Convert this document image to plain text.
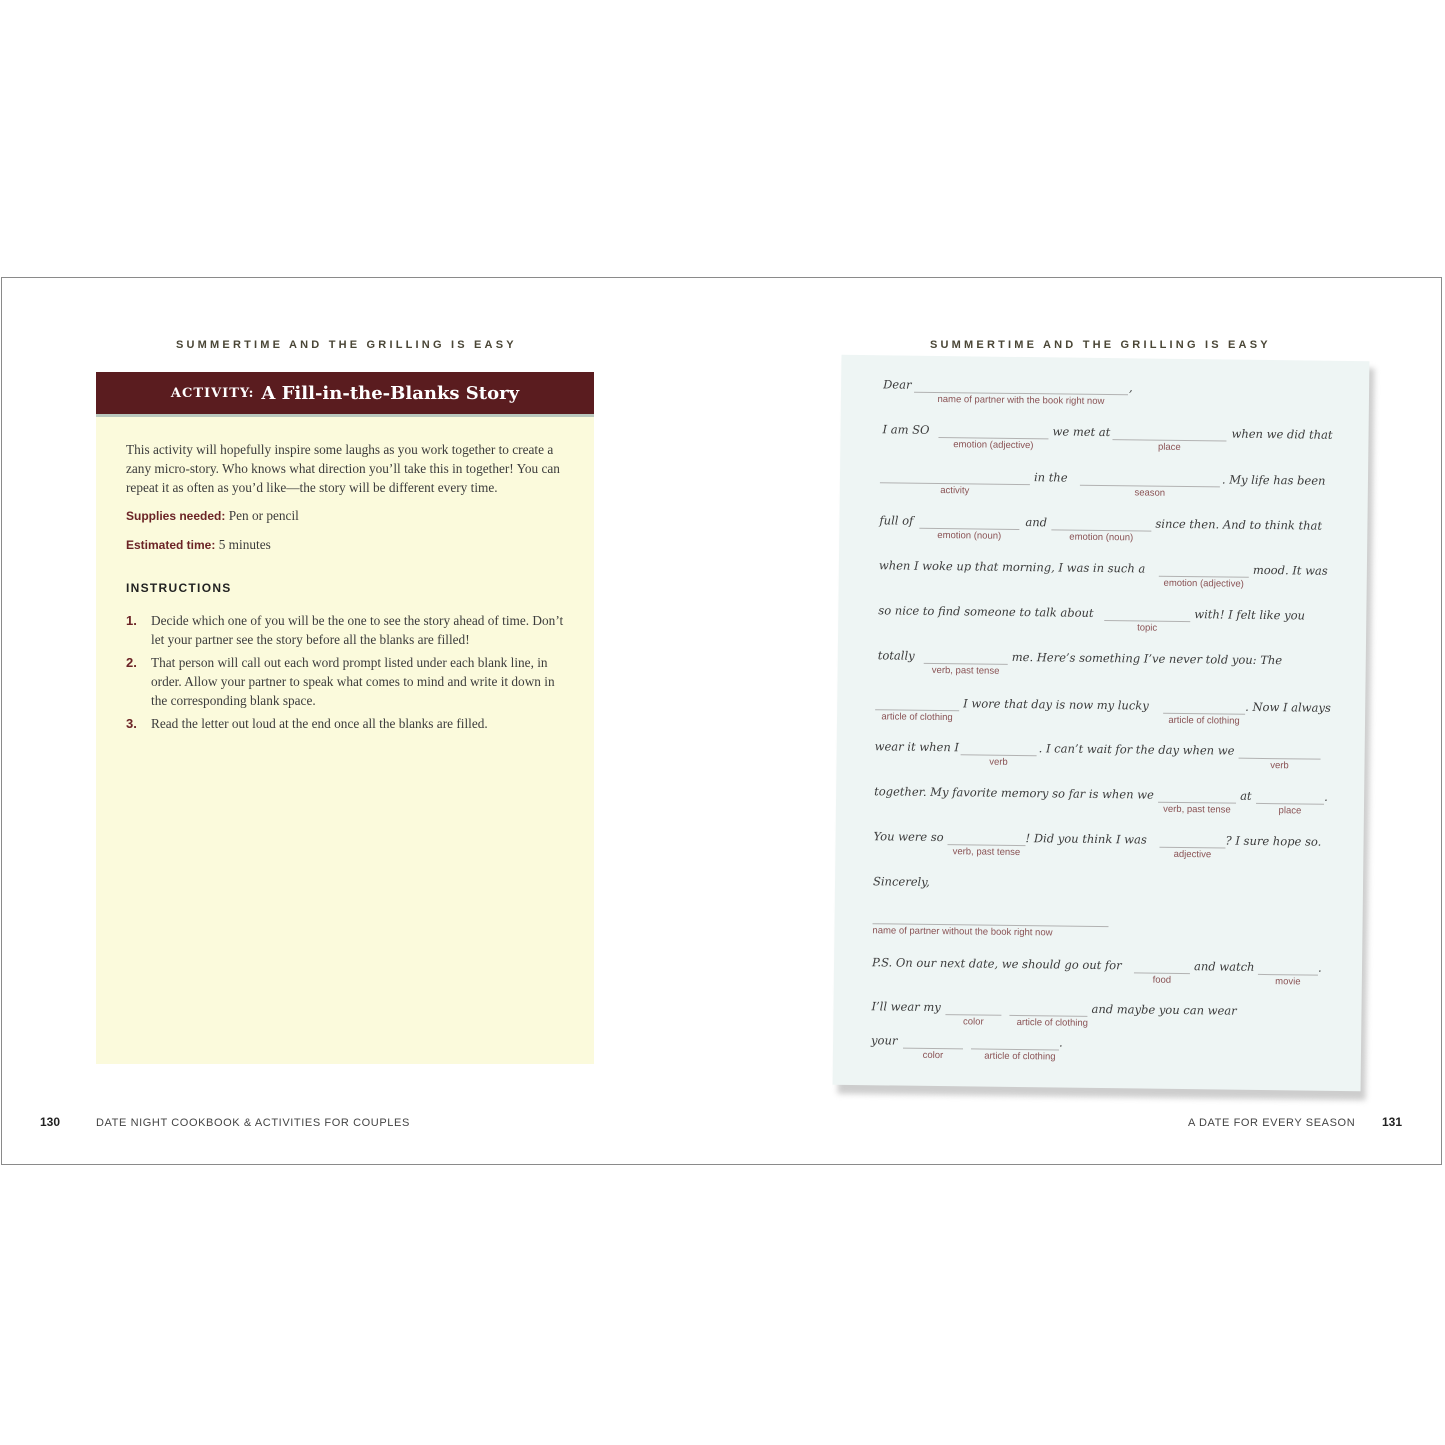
SUMMERTIME AND THE GRILLING IS EASY	SUMMERTIME AND THE GRILLING IS EASY
ACTIVITY: A Fill-in-the-Blanks Story

This activity will hopefully inspire some laughs as you work together to create a zany micro-story. Who knows what direction you’ll take this in together! You can repeat it as often as you’d like—the story will be different every time.

Supplies needed: Pen or pencil

Estimated time: 5 minutes

INSTRUCTIONS
1.	Decide which one of you will be the one to see the story ahead of time. Don’t let your partner see the story before all the blanks are filled!
2.	That person will call out each word prompt listed under each blank line, in order. Allow your partner to speak what comes to mind and write it down in the corresponding blank space.
3.	Read the letter out loud at the end once all the blanks are filled.
Dear	,
name of partner with the book right now
I am SO
emotion (adjective)
we met at
place
when we did that
activity
in the
season
. My life has been
full of
emotion (noun)
and
emotion (noun)
since then. And to think that
when I woke up that morning, I was in such a
emotion (adjective)
mood. It was
so nice to find someone to talk about
topic
with! I felt like you
totally
verb, past tense
me. Here’s something I’ve never told you: The
article of clothing
I wore that day is now my lucky
article of clothing
. Now I always
wear it when I
verb
. I can’t wait for the day when we
verb
together. My favorite memory so far is when we
verb, past tense
at
place
.
You were so
verb, past tense
! Did you think I was
adjective
? I sure hope so.
Sincerely,
name of partner without the book right now
P.S. On our next date, we should go out for
food
and watch
movie
.
I’ll wear my
color	article of clothing
and maybe you can wear
your
color	article of clothing
.
130	DATE NIGHT COOKBOOK & ACTIVITIES FOR COUPLES	A DATE FOR EVERY SEASON 131
